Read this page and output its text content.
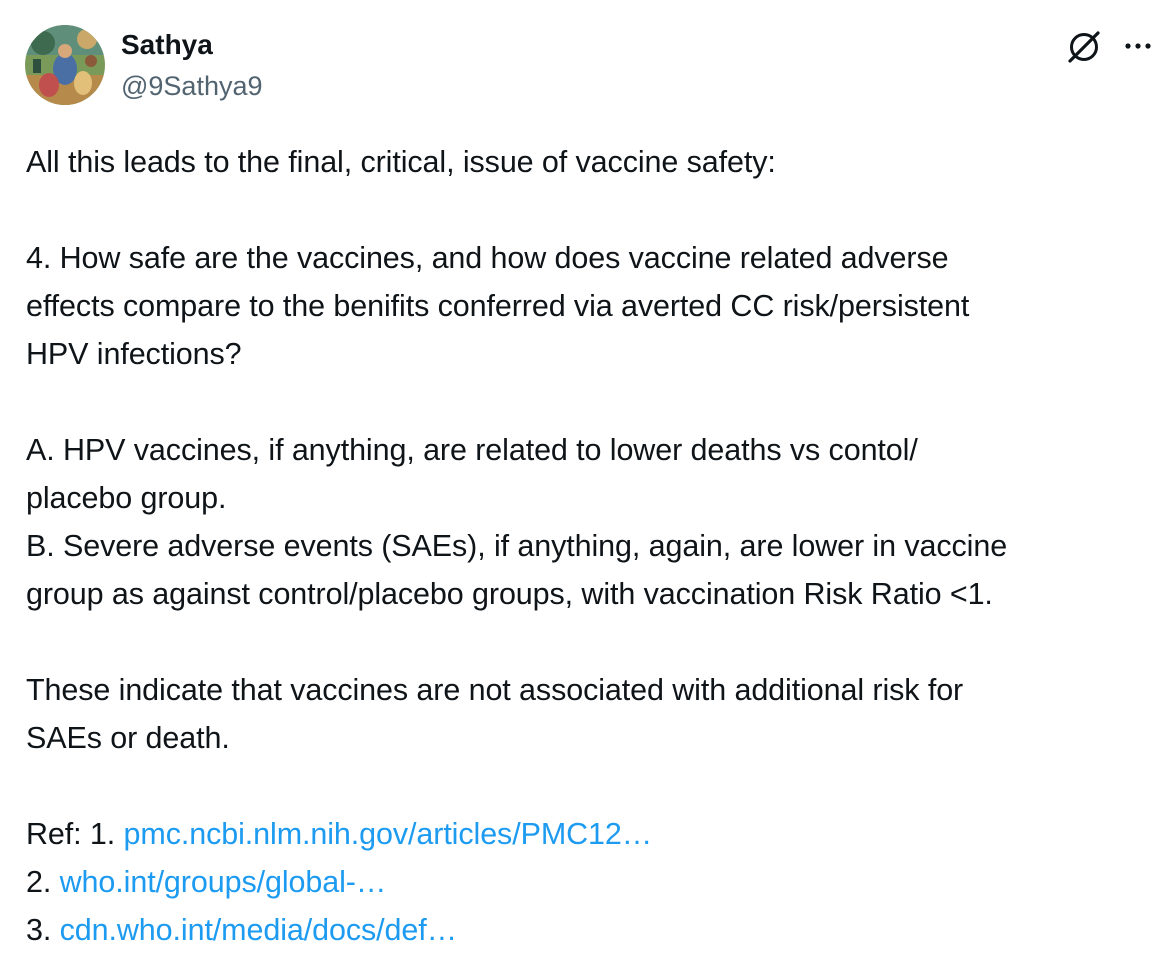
Sathya
@9Sathya9
All this leads to the final, critical, issue of vaccine safety:
4. How safe are the vaccines, and how does vaccine related adverse
effects compare to the benifits conferred via averted CC risk/persistent
HPV infections?
A. HPV vaccines, if anything, are related to lower deaths vs contol/
placebo group.
B. Severe adverse events (SAEs), if anything, again, are lower in vaccine
group as against control/placebo groups, with vaccination Risk Ratio <1.
These indicate that vaccines are not associated with additional risk for
SAEs or death.
Ref: 1. pmc.ncbi.nlm.nih.gov/articles/PMC12…
2. who.int/groups/global-…
3. cdn.who.int/media/docs/def…
